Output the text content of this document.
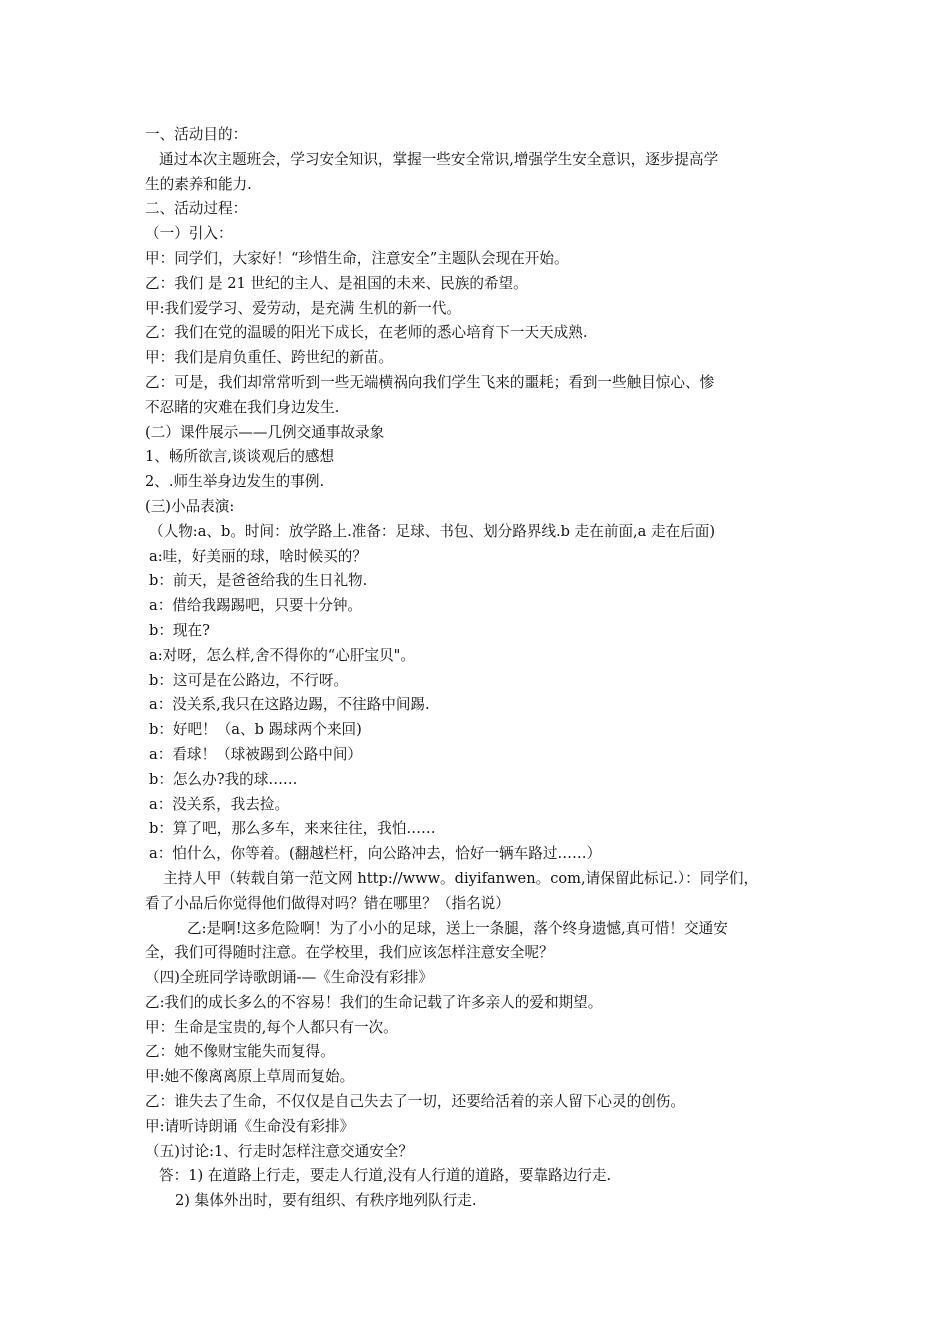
一、活动目的：
通过本次主题班会，学习安全知识，掌握一些安全常识,增强学生安全意识，逐步提高学
生的素养和能力.
二、活动过程：
（一）引入：
甲：同学们，大家好！“珍惜生命，注意安全”主题队会现在开始。
乙：我们 是 21 世纪的主人、是祖国的未来、民族的希望。
甲:我们爱学习、爱劳动，是充满 生机的新一代。
乙：我们在党的温暖的阳光下成长，在老师的悉心培育下一天天成熟.
甲：我们是肩负重任、跨世纪的新苗。
乙：可是，我们却常常听到一些无端横祸向我们学生飞来的噩耗；看到一些触目惊心、惨
不忍睹的灾难在我们身边发生.
(二）课件展示——几例交通事故录象
1、畅所欲言,谈谈观后的感想
2、.师生举身边发生的事例.
(三)小品表演:
（人物:a、b。时间：放学路上.准备：足球、书包、划分路界线.b 走在前面,a 走在后面)
a:哇，好美丽的球，啥时候买的？
b：前天，是爸爸给我的生日礼物.
a：借给我踢踢吧，只要十分钟。
b：现在?
a:对呀，怎么样,舍不得你的“心肝宝贝"。
b：这可是在公路边，不行呀。
a：没关系,我只在这路边踢，不往路中间踢.
b：好吧！（a、b 踢球两个来回)
a：看球！（球被踢到公路中间）
b：怎么办?我的球……
a：没关系，我去捡。
b：算了吧，那么多车，来来往往，我怕……
a：怕什么，你等着。(翻越栏杆，向公路冲去，恰好一辆车路过……）
主持人甲（转载自第一范文网 http://www。diyifanwen。com,请保留此标记.）：同学们，
看了小品后你觉得他们做得对吗？错在哪里？（指名说）
乙:是啊!这多危险啊！为了小小的足球，送上一条腿，落个终身遗憾,真可惜！交通安
全，我们可得随时注意。在学校里，我们应该怎样注意安全呢？
（四)全班同学诗歌朗诵-—《生命没有彩排》
乙:我们的成长多么的不容易！我们的生命记载了许多亲人的爱和期望。
甲：生命是宝贵的,每个人都只有一次。
乙：她不像财宝能失而复得。
甲:她不像离离原上草周而复始。
乙：谁失去了生命，不仅仅是自己失去了一切，还要给活着的亲人留下心灵的创伤。
甲:请听诗朗诵《生命没有彩排》
（五)讨论:1、行走时怎样注意交通安全？
答：1) 在道路上行走，要走人行道,没有人行道的道路，要靠路边行走.
2) 集体外出时，要有组织、有秩序地列队行走.
